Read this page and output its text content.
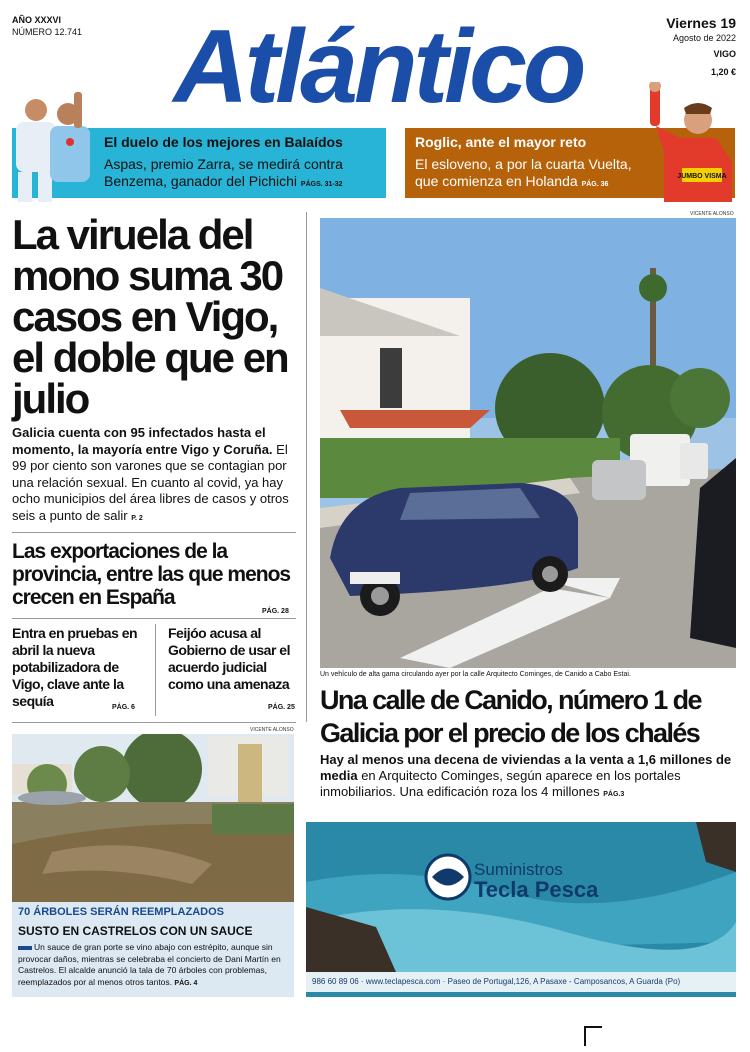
AÑO XXXVI
NÚMERO 12.741 Atlántico	Viernes 19
Agosto de 2022
VIGO
1,20 €
El duelo de los mejores en Balaídos
Aspas, premio Zarra, se medirá contra Benzema, ganador del Pichichi PÁGS. 31-32
Roglic, ante el mayor reto
El esloveno, a por la cuarta Vuelta, que comienza en Holanda PÁG. 36
JUMBO VISMA
La viruela del mono suma 30 casos en Vigo, el doble que en julio
Galicia cuenta con 95 infectados hasta el momento, la mayoría entre Vigo y Coruña. El 99 por ciento son varones que se contagian por una relación sexual. En cuanto al covid, ya hay ocho municipios del área libres de casos y otros seis a punto de salir P. 2
Las exportaciones de la provincia, entre las que menos crecen en España
PÁG. 28
Entra en pruebas en abril la nueva potabilizadora de Vigo, clave ante la sequía	PÁG. 6
Feijóo acusa al Gobierno de usar el acuerdo judicial como una amenaza
PÁG. 25
VICENTE ALONSO
70 ÁRBOLES SERÁN REEMPLAZADOS
SUSTO EN CASTRELOS CON UN SAUCE
Un sauce de gran porte se vino abajo con estrépito, aunque sin provocar daños, mientras se celebraba el concierto de Dani Martín en Castrelos. El alcalde anunció la tala de 70 árboles con problemas, reemplazados por al menos otros tantos. PÁG. 4
VICENTE ALONSO
Un vehículo de alta gama circulando ayer por la calle Arquitecto Cominges, de Canido a Cabo Estai.
Una calle de Canido, número 1 de Galicia por el precio de los chalés
Hay al menos una decena de viviendas a la venta a 1,6 millones de media en Arquitecto Cominges, según aparece en los portales inmobiliarios. Una edificación roza los 4 millones PÁG.3
Suministros
Tecla Pesca
986 60 89 06 · www.teclapesca.com · Paseo de Portugal,126, A Pasaxe - Camposancos, A Guarda (Po)
